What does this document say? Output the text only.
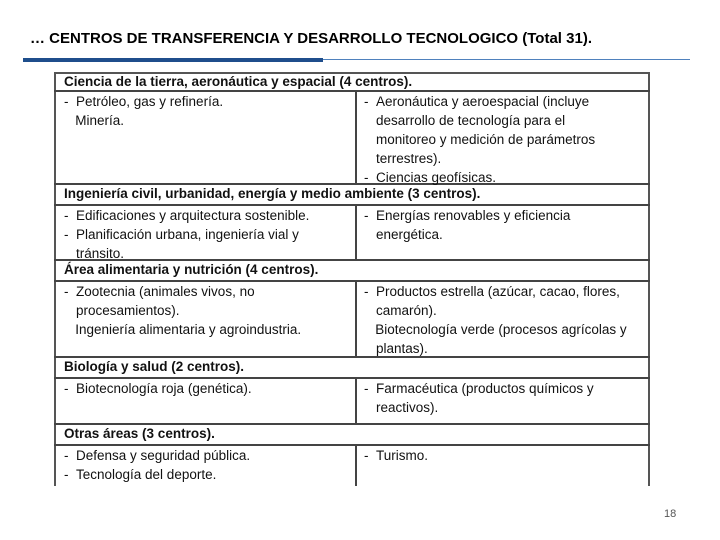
… CENTROS DE TRANSFERENCIA Y DESARROLLO TECNOLOGICO (Total 31).
Ciencia de la tierra, aeronáutica y espacial (4 centros).
-  Petróleo, gas y refinería.
Minería.
-  Aeronáutica y aeroespacial (incluye
desarrollo de tecnología para el
monitoreo y medición de parámetros
terrestres).
-  Ciencias geofísicas.
Ingeniería civil, urbanidad, energía y medio ambiente (3 centros).
-  Edificaciones y arquitectura sostenible.
-  Planificación urbana, ingeniería vial y
tránsito.
-  Energías renovables y eficiencia
energética.
Área alimentaria y nutrición (4 centros).
-  Zootecnia (animales vivos, no
procesamientos).
Ingeniería alimentaria y agroindustria.
-  Productos estrella (azúcar, cacao, flores,
camarón).
Biotecnología verde (procesos agrícolas y
plantas).
Biología y salud (2 centros).
-  Biotecnología roja (genética).	-  Farmacéutica (productos químicos y
reactivos).
Otras áreas (3 centros).
-  Defensa y seguridad pública.
-  Tecnología del deporte.
-  Turismo.
18
